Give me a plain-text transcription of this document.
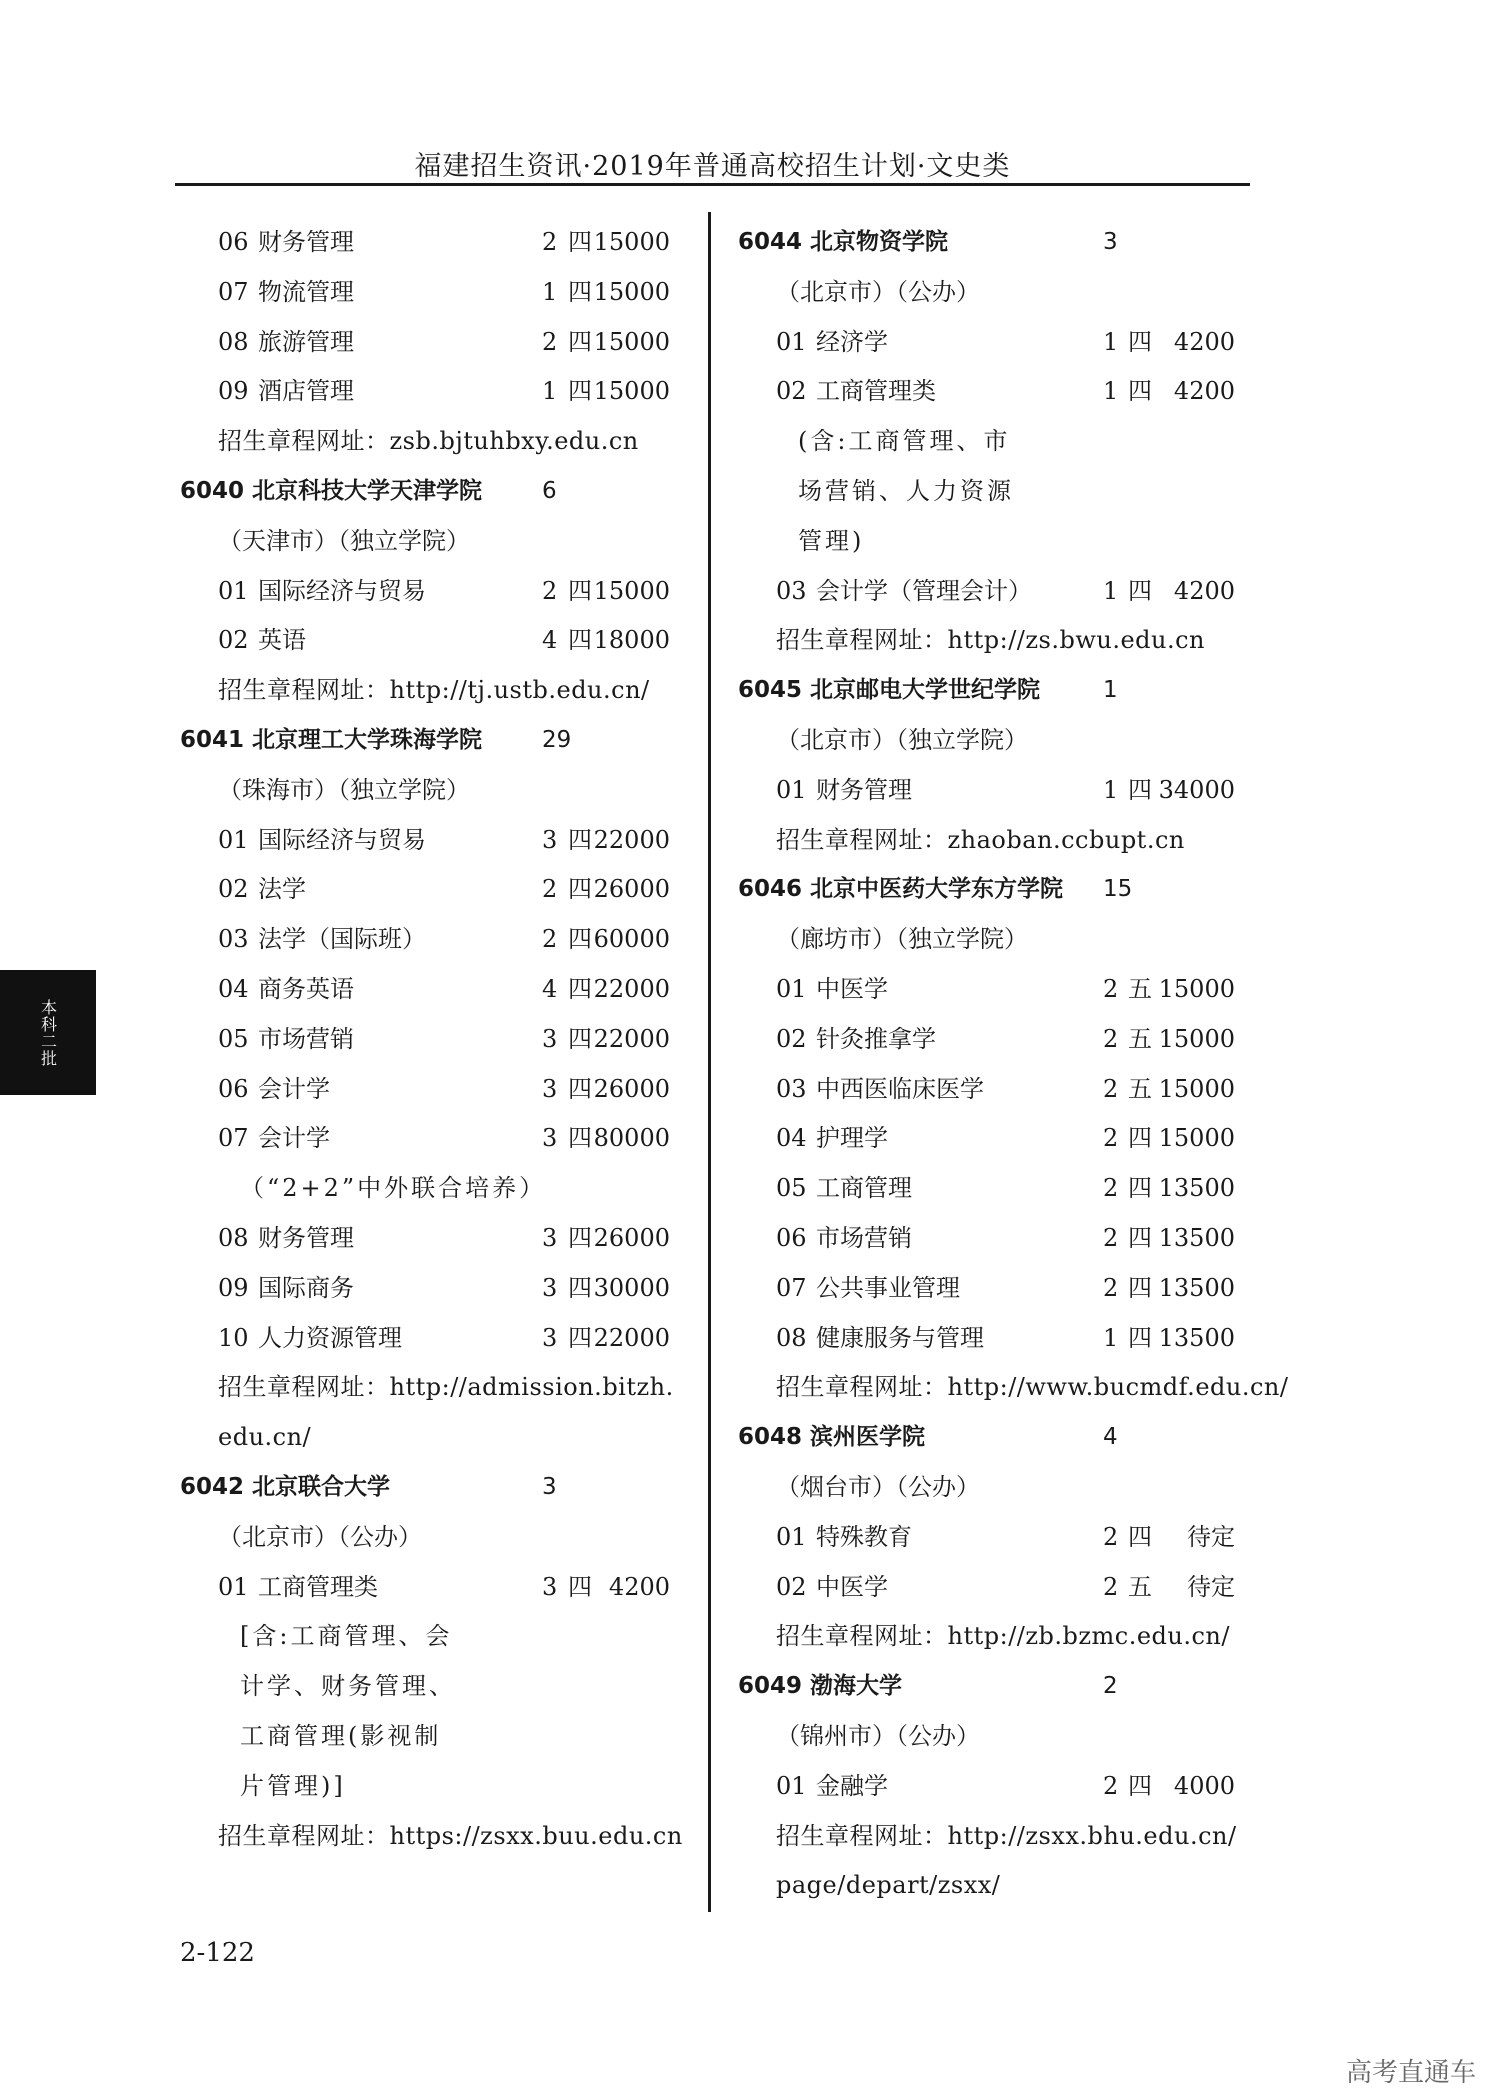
福建招生资讯·2019年普通高校招生计划·文史类
06 财务管理	2 四 15000
07 物流管理	1 四 15000
08 旅游管理	2 四 15000
09 酒店管理	1 四 15000
招生章程网址：zsb.bjtuhbxy.edu.cn
6040 北京科技大学天津学院	6
（天津市）（独立学院）
01 国际经济与贸易	2 四 15000
02 英语	4 四 18000
招生章程网址：http://tj.ustb.edu.cn/
6041 北京理工大学珠海学院	29
（珠海市）（独立学院）
01 国际经济与贸易	3 四 22000
02 法学	2 四 26000
03 法学（国际班）	2 四 60000
04 商务英语	4 四 22000
05 市场营销	3 四 22000
06 会计学	3 四 26000
07 会计学	3 四 80000
（“2+2”中外联合培养）
08 财务管理	3 四 26000
09 国际商务	3 四 30000
10 人力资源管理	3 四 22000
招生章程网址：http://admission.bitzh.
edu.cn/
6042 北京联合大学	3
（北京市）（公办）
01 工商管理类	3 四 4200
[含:工商管理、会
计学、财务管理、
工商管理(影视制
片管理)]
招生章程网址：https://zsxx.buu.edu.cn
6044 北京物资学院	3
（北京市）（公办）
01 经济学	1 四 4200
02 工商管理类	1 四 4200
(含:工商管理、市
场营销、人力资源
管理)
03 会计学（管理会计）	1 四 4200
招生章程网址：http://zs.bwu.edu.cn
6045 北京邮电大学世纪学院	1
（北京市）（独立学院）
01 财务管理	1 四 34000
招生章程网址：zhaoban.ccbupt.cn
6046 北京中医药大学东方学院 15
（廊坊市）（独立学院）
01 中医学	2 五 15000
02 针灸推拿学	2 五 15000
03 中西医临床医学	2 五 15000
04 护理学	2 四 15000
05 工商管理	2 四 13500
06 市场营销	2 四 13500
07 公共事业管理	2 四 13500
08 健康服务与管理	1 四 13500
招生章程网址：http://www.bucmdf.edu.cn/
6048 滨州医学院	4
（烟台市）（公办）
01 特殊教育	2 四	待定
02 中医学	2 五	待定
招生章程网址：http://zb.bzmc.edu.cn/
6049 渤海大学	2
（锦州市）（公办）
01 金融学	2 四 4000
招生章程网址：http://zsxx.bhu.edu.cn/
page/depart/zsxx/
本科二批
2-122
高考直通车
